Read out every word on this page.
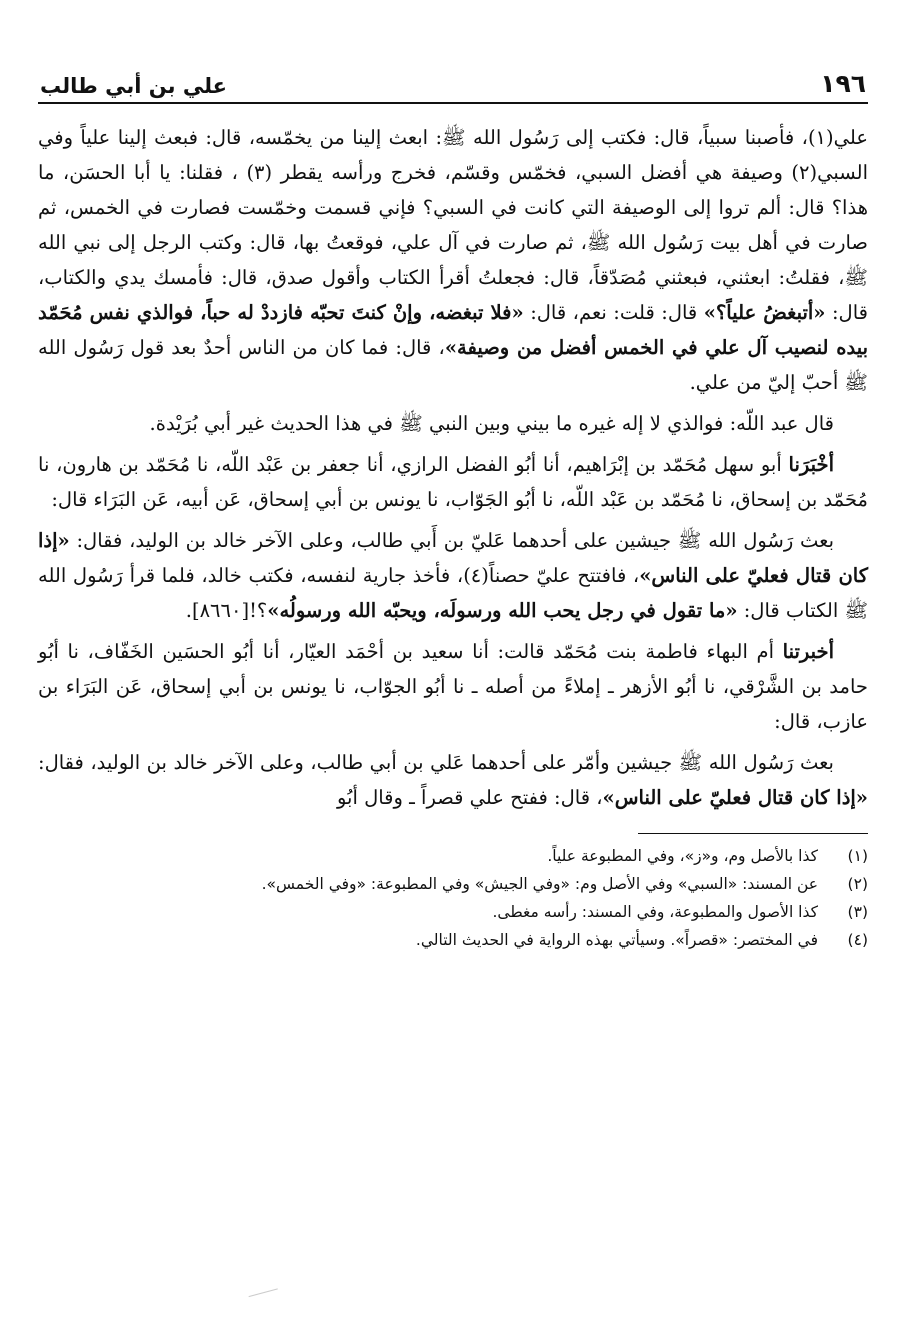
١٩٦
علي بن أبي طالب

علي(١)، فأصبنا سبياً، قال: فكتب إلى رَسُول الله ﷺ: ابعث إلينا من يخمّسه، قال: فبعث إلينا علياً وفي السبي(٢) وصيفة هي أفضل السبي، فخمّس وقسّم، فخرج ورأسه يقطر (٣) ، فقلنا: يا أبا الحسَن، ما هذا؟ قال: ألم تروا إلى الوصيفة التي كانت في السبي؟ فإني قسمت وخمّست فصارت في الخمس، ثم صارت في أهل بيت رَسُول الله ﷺ، ثم صارت في آل علي، فوقعتُ بها، قال: وكتب الرجل إلى نبي الله ﷺ، فقلتُ: ابعثني، فبعثني مُصَدّقاً، قال: فجعلتُ أقرأ الكتاب وأقول صدق، قال: فأمسك يدي والكتاب، قال: «أتبغضُ علياً؟» قال: قلت: نعم، قال: «فلا تبغضه، وإنْ كنتَ تحبّه فازددْ له حباً، فوالذي نفس مُحَمّد بيده لنصيب آل علي في الخمس أفضل من وصيفة»، قال: فما كان من الناس أحدٌ بعد قول رَسُول الله ﷺ أحبّ إليّ من علي.

قال عبد اللّه: فوالذي لا إله غيره ما بيني وبين النبي ﷺ في هذا الحديث غير أبي بُرَيْدة.

أخْبَرَنا أبو سهل مُحَمّد بن إبْرَاهيم، أنا أبُو الفضل الرازي، أنا جعفر بن عَبْد اللّه، نا مُحَمّد بن هارون، نا مُحَمّد بن إسحاق، نا مُحَمّد بن عَبْد اللّه، نا أبُو الجَوّاب، نا يونس بن أبي إسحاق، عَن أبيه، عَن البَرَاء قال:

بعث رَسُول الله ﷺ جيشين على أحدهما عَليّ بن أَبي طالب، وعلى الآخر خالد بن الوليد، فقال: «إذا كان قتال فعليّ على الناس»، فافتتح عليّ حصناً(٤)، فأخذ جارية لنفسه، فكتب خالد، فلما قرأ رَسُول الله ﷺ الكتاب قال: «ما تقول في رجل يحب الله ورسولَه، ويحبّه الله ورسولُه»؟![٨٦٦٠].

أخبرتنا أم البهاء فاطمة بنت مُحَمّد قالت: أنا سعيد بن أحْمَد العيّار، أنا أبُو الحسَين الخَفّاف، نا أبُو حامد بن الشَّرْقي، نا أبُو الأزهر ـ إملاءً من أصله ـ نا أبُو الجوّاب، نا يونس بن أبي إسحاق، عَن البَرَاء بن عازب، قال:

بعث رَسُول الله ﷺ جيشين وأمّر على أحدهما عَلي بن أبي طالب، وعلى الآخر خالد بن الوليد، فقال: «إذا كان قتال فعليّ على الناس»، قال: ففتح علي قصراً ـ وقال أبُو

(١)
كذا بالأصل وم، و«ز»، وفي المطبوعة علياً.
(٢)
عن المسند: «السبي» وفي الأصل وم: «وفي الجيش» وفي المطبوعة: «وفي الخمس».
(٣)
كذا الأصول والمطبوعة، وفي المسند: رأسه مغطى.
(٤)
في المختصر: «قصراً». وسيأتي بهذه الرواية في الحديث التالي.
